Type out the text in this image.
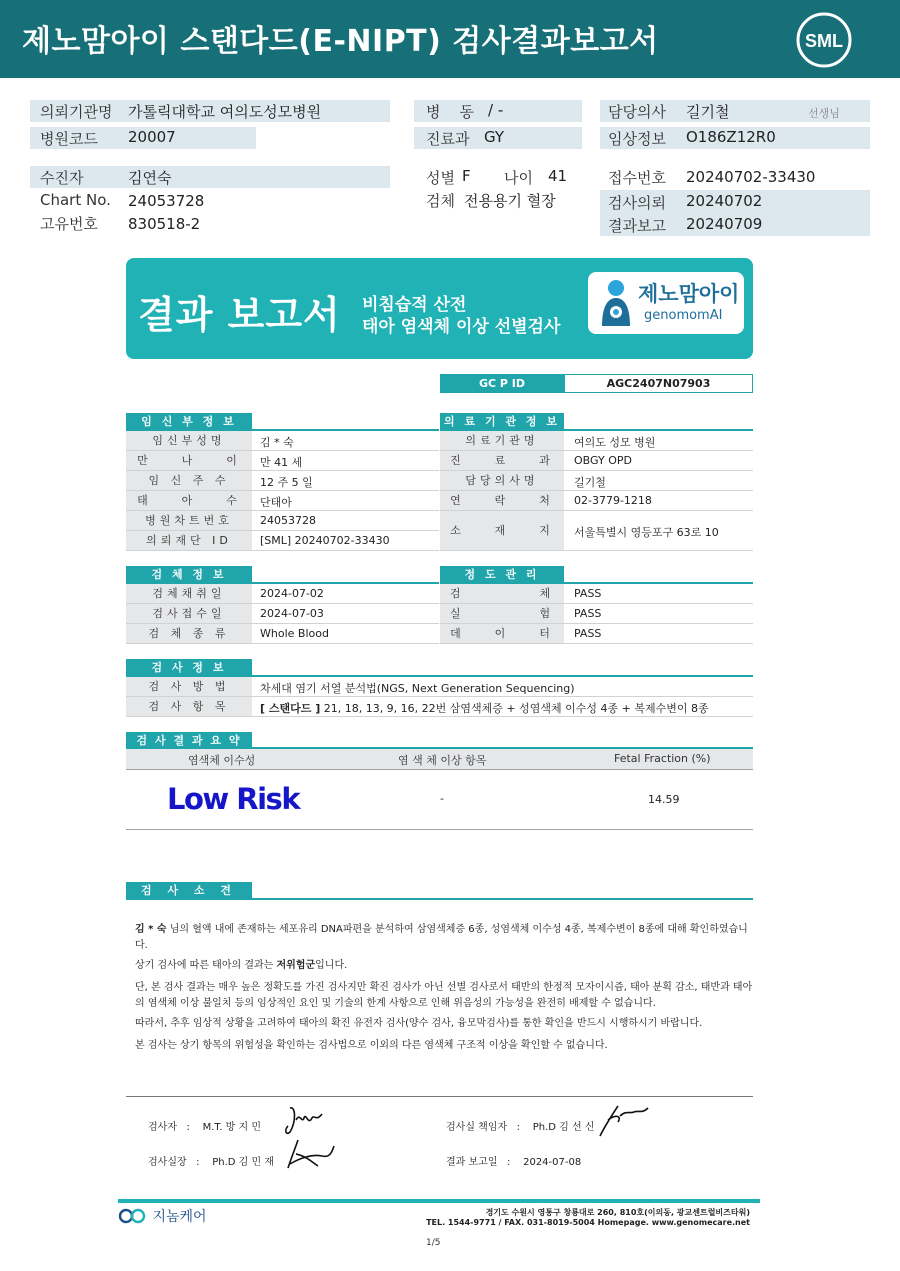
제노맘아이 스탠다드(E-NIPT) 검사결과보고서	SML
의뢰기관명 가톨릭대학교 여의도성모병원
병원코드 20007
병    동 / -
진료과 GY
담당의사 길기철	선생님
임상정보 O186Z12R0
수진자	김연숙
Chart No. 24053728
고유번호 830518-2
성별 F 나이 41
검체 전용용기 혈장
접수번호 20240702-33430
검사의뢰 20240702
결과보고 20240709
결과 보고서 비침습적 산전
태아 염색체 이상 선별검사
제노맘아이
genomomAI
GC P ID	AGC2407N07903
임 신 부 정 보
임신부성명	김 * 숙
만    나    이	만 41 세
임 신 주 수	12 주 5 일
태    아    수	단태아
병원차트번호	24053728
의뢰재단 ID	[SML] 20240702-33430
의 료 기 관 정 보
의료기관명	여의도 성모 병원
진    료    과	OBGY OPD
담당의사명	길기철
연    락    처	02-3779-1218
소    재    지	서울특별시 영등포구 63로 10
검 체 정 보
검체채취일	2024-07-02
검사접수일	2024-07-03
검 체 종 류	Whole Blood
정 도 관 리
검          체	PASS
실          험	PASS
데    이    터	PASS
검 사 정 보
검 사 방 법	차세대 염기 서열 분석법(NGS, Next Generation Sequencing)
검 사 항 목	[ 스탠다드 ] 21, 18, 13, 9, 16, 22번 삼염색체증 + 성염색체 이수성 4종 + 복제수변이 8종
검 사 결 과 요 약
염색체 이수성	염 색 체 이상 항목	Fetal Fraction (%)
Low Risk	-	14.59
검 사 소 견
김 * 숙 님의 혈액 내에 존재하는 세포유리 DNA파편을 분석하여 삼염색체증 6종, 성염색체 이수성 4종, 복제수변이 8종에 대해 확인하였습니다.
상기 검사에 따른 태아의 결과는 저위험군입니다.
단, 본 검사 결과는 매우 높은 정확도를 가진 검사지만 확진 검사가 아닌 선별 검사로서 태반의 한정적 모자이시즘, 태아 분획 감소, 태반과 태아의 염색체 이상 불일치 등의 임상적인 요인 및 기술의 한계 사항으로 인해 위음성의 가능성을 완전히 배제할 수 없습니다.
따라서, 추후 임상적 상황을 고려하여 태아의 확진 유전자 검사(양수 검사, 융모막검사)를 통한 확인을 반드시 시행하시기 바랍니다.
본 검사는 상기 항목의 위험성을 확인하는 검사법으로 이외의 다른 염색체 구조적 이상을 확인할 수 없습니다.
검사자   :    M.T. 방 지 민	검사실 책임자   :    Ph.D 김 선 신
검사실장   :    Ph.D 김 민 재	결과 보고일   :    2024-07-08
지놈케어	경기도 수원시 영통구 창룡대로 260, 810호(이의동, 광교센트럴비즈타워)
TEL. 1544-9771 / FAX. 031-8019-5004 Homepage. www.genomecare.net
1/5
